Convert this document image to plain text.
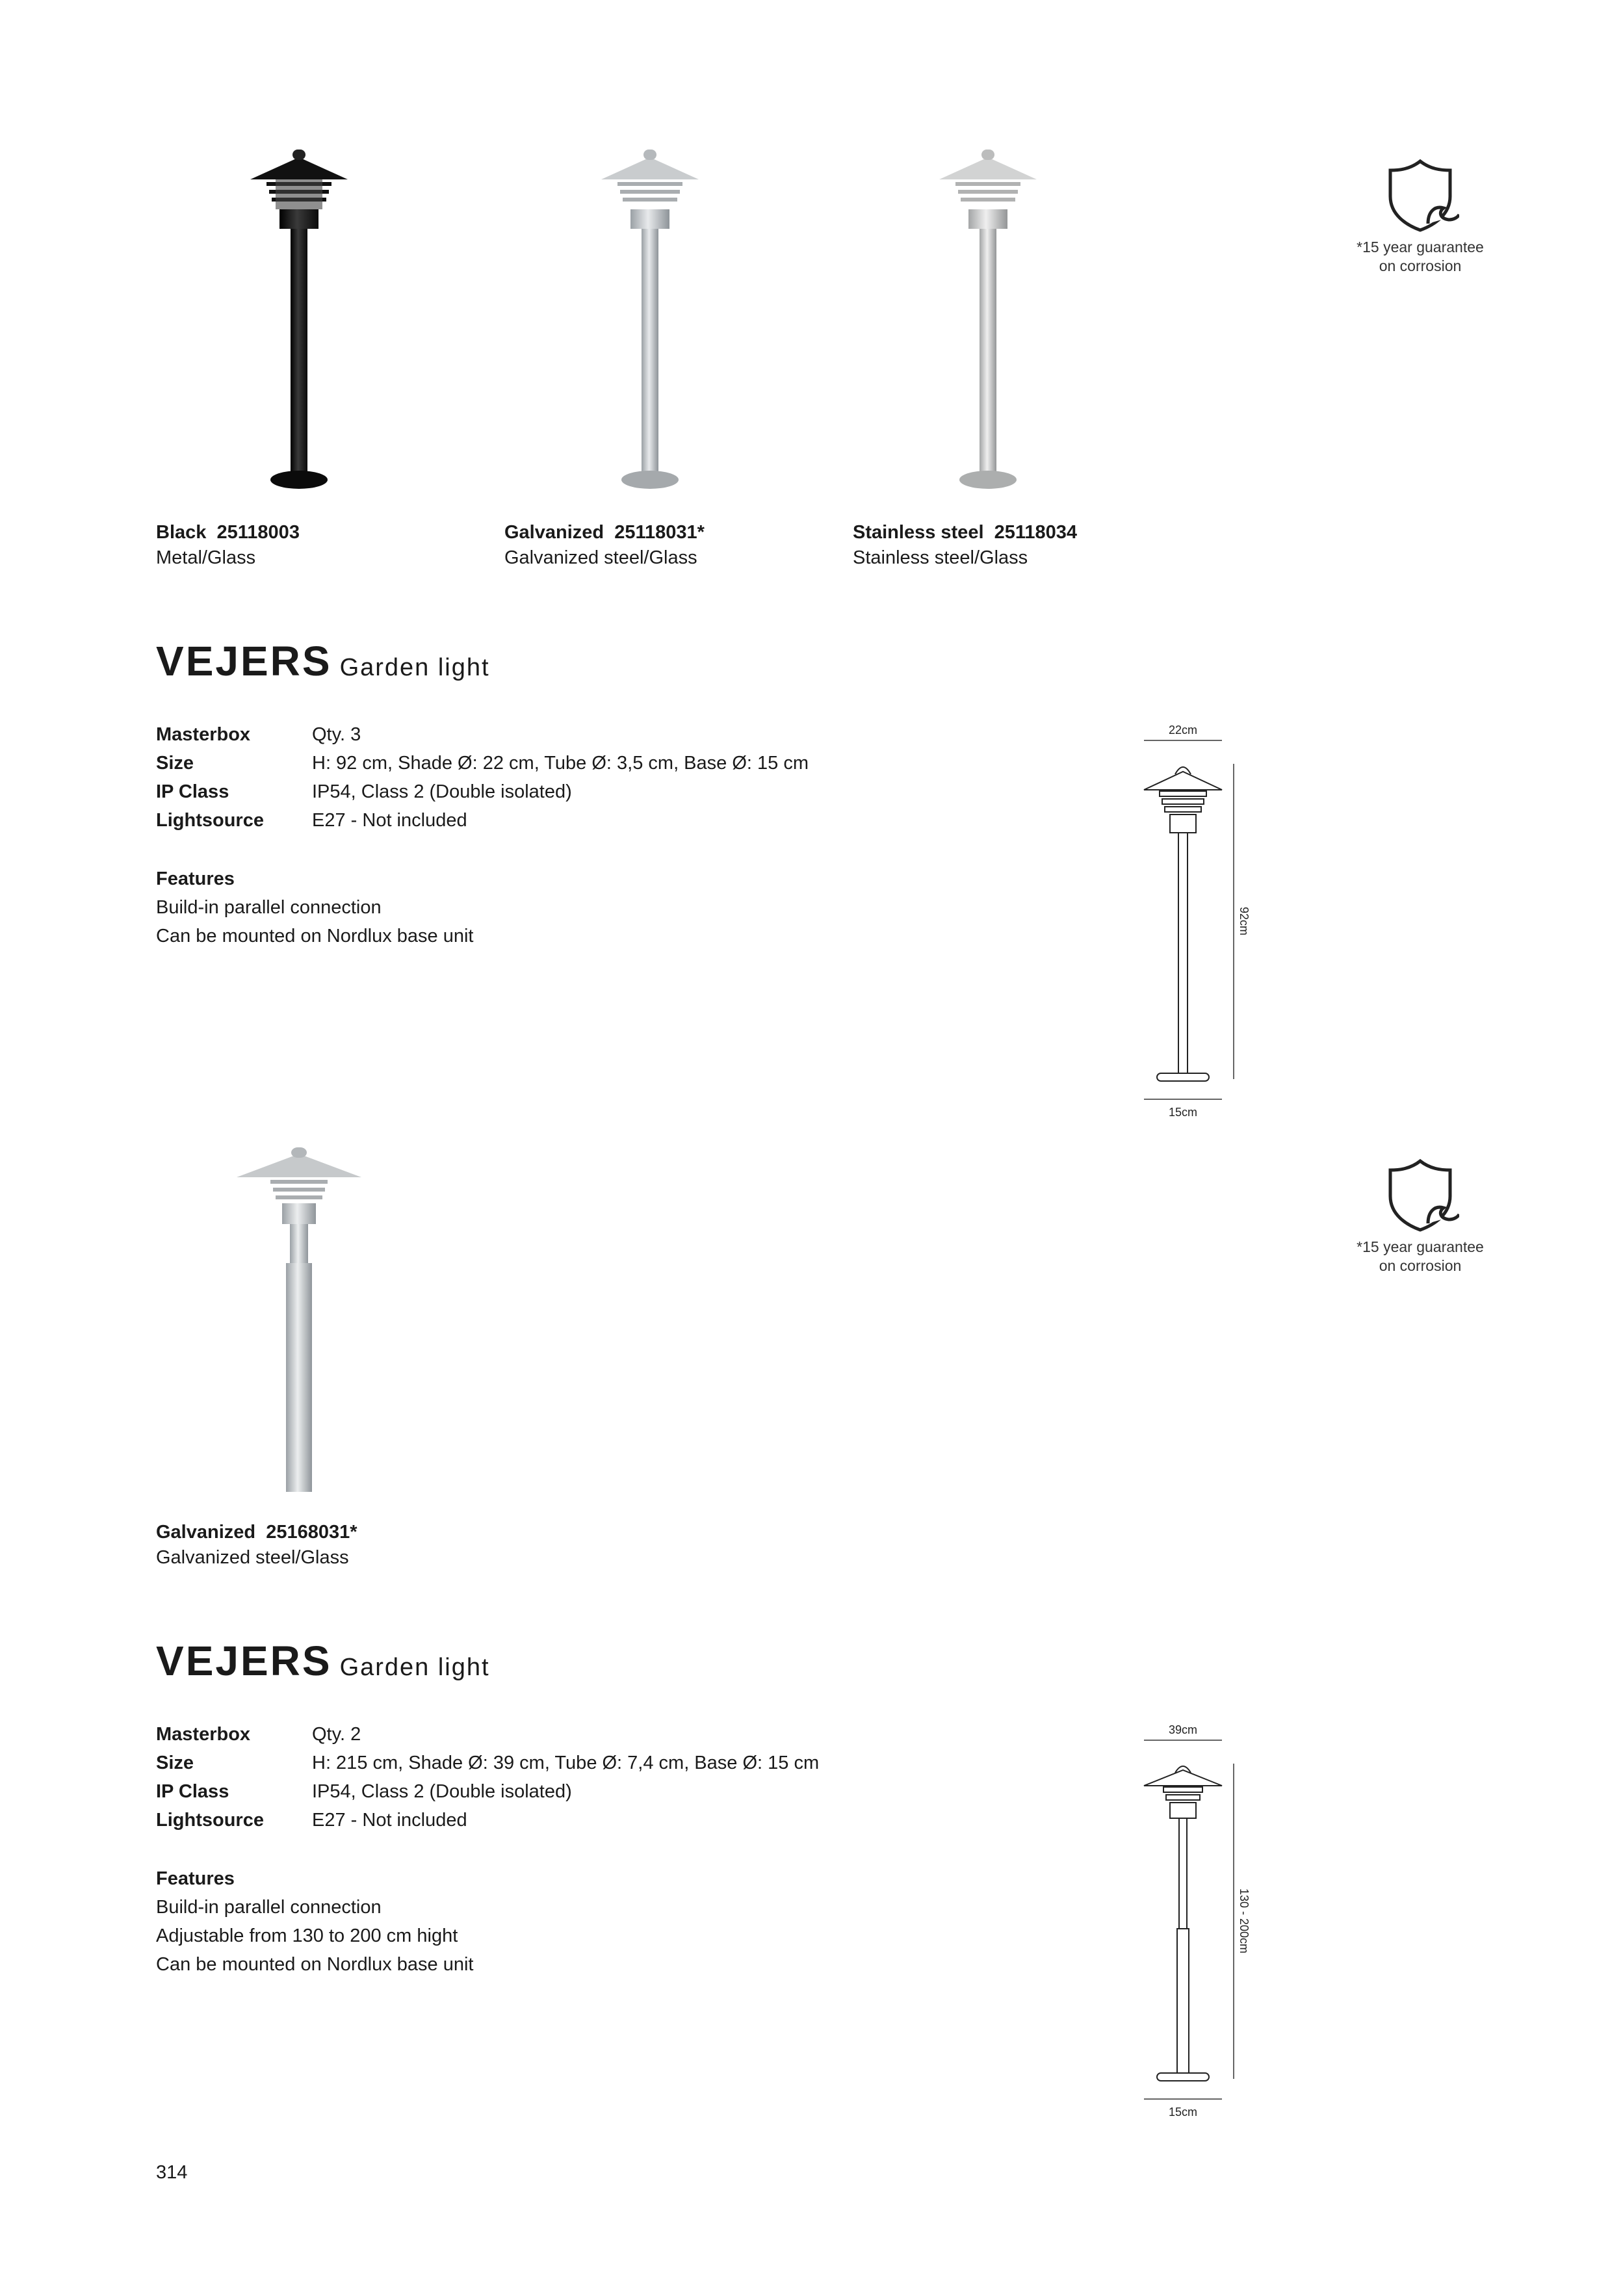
*15 year guarantee
on corrosion
Black 25118003
Metal/Glass
Galvanized 25118031*
Galvanized steel/Glass
Stainless steel 25118034
Stainless steel/Glass
VEJERS Garden light
Masterbox	Qty. 3
Size	H: 92 cm, Shade Ø: 22 cm, Tube Ø: 3,5 cm, Base Ø: 15 cm
IP Class	IP54, Class 2 (Double isolated)
Lightsource	E27 - Not included
Features
Build-in parallel connection
Can be mounted on Nordlux base unit
22cm
92cm
15cm
*15 year guarantee
on corrosion
Galvanized 25168031*
Galvanized steel/Glass
VEJERS Garden light
Masterbox	Qty. 2
Size	H: 215 cm, Shade Ø: 39 cm, Tube Ø: 7,4 cm, Base Ø: 15 cm
IP Class	IP54, Class 2 (Double isolated)
Lightsource	E27 - Not included
Features
Build-in parallel connection
Adjustable from 130 to 200 cm hight
Can be mounted on Nordlux base unit
39cm
130 - 200cm
15cm
314
